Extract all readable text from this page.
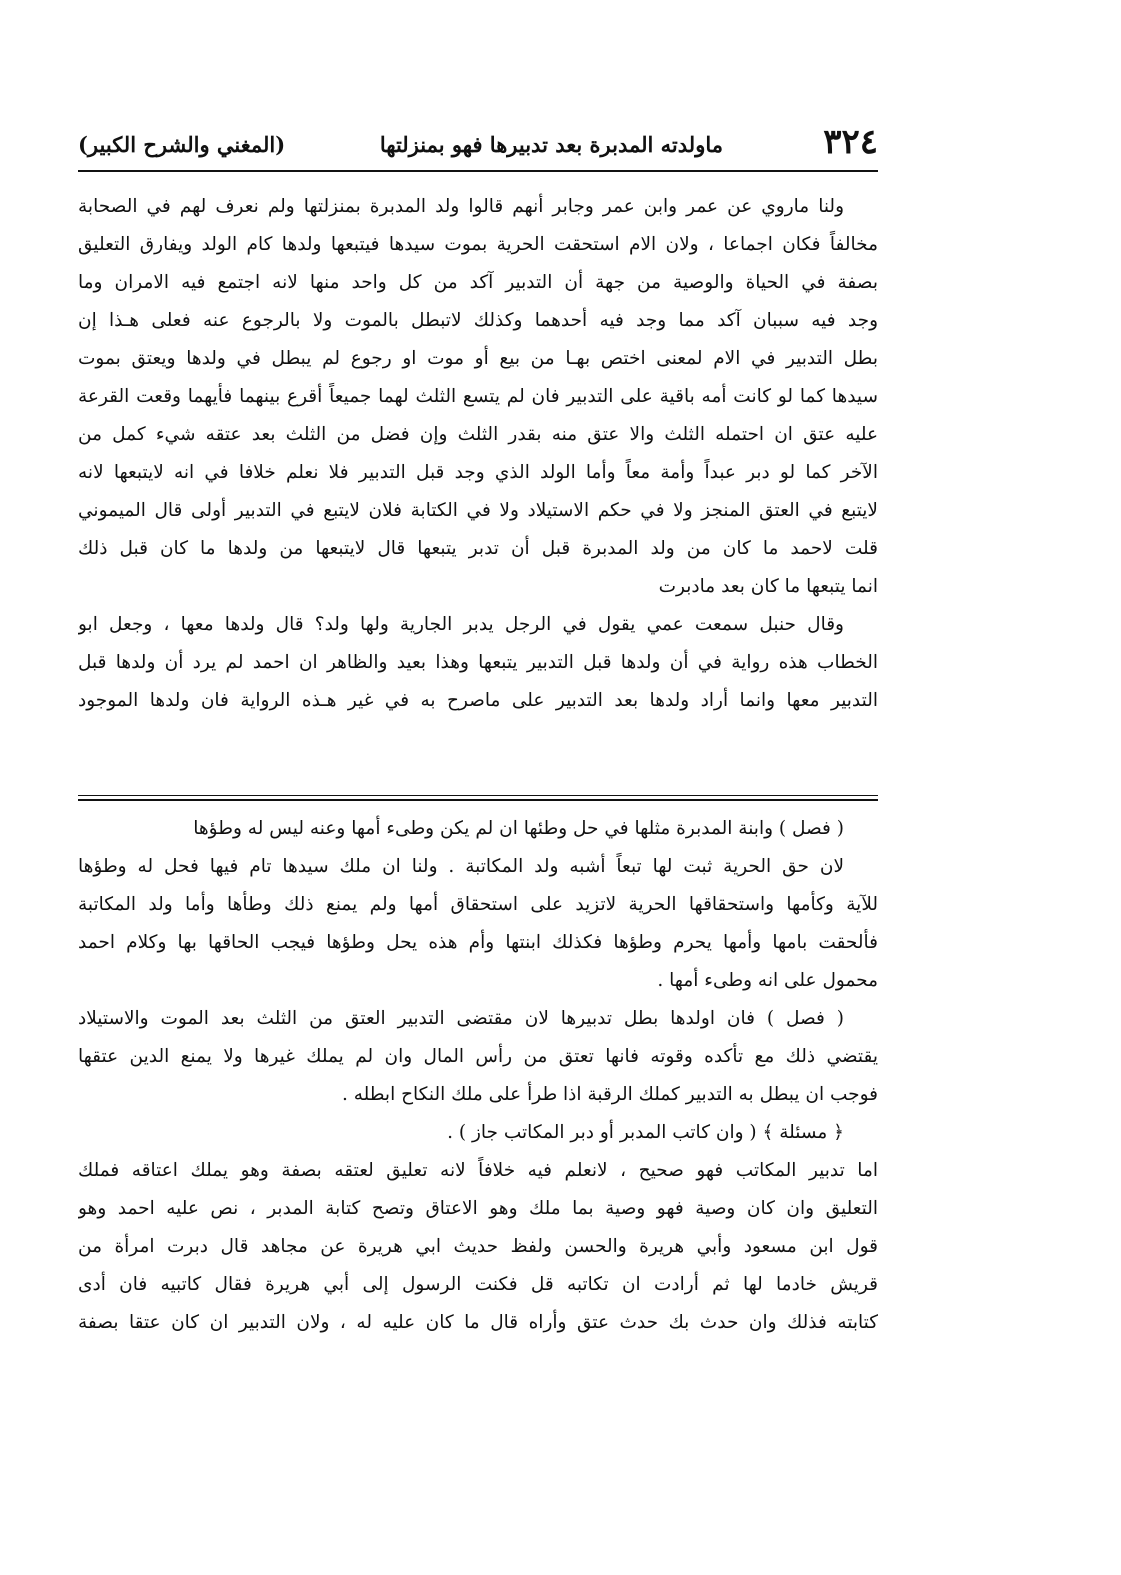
٣٢٤
ماولدته المدبرة بعد تدبيرها فهو بمنزلتها
(المغني والشرح الكبير)

ولنا ماروي عن عمر وابن عمر وجابر أنهم قالوا ولد المدبرة بمنزلتها ولم نعرف لهم في الصحابة

مخالفاً فكان اجماعا ، ولان الام استحقت الحرية بموت سيدها فيتبعها ولدها كام الولد ويفارق التعليق

بصفة في الحياة والوصية من جهة أن التدبير آكد من كل واحد منها لانه اجتمع فيه الامران وما

وجد فيه سببان آكد مما وجد فيه أحدهما وكذلك لاتبطل بالموت ولا بالرجوع عنه فعلى هـذا إن

بطل التدبير في الام لمعنى اختص بهـا من بيع أو موت او رجوع لم يبطل في ولدها ويعتق بموت

سيدها كما لو كانت أمه باقية على التدبير فان لم يتسع الثلث لهما جميعاً أقرع بينهما فأيهما وقعت القرعة

عليه عتق ان احتمله الثلث والا عتق منه بقدر الثلث وإن فضل من الثلث بعد عتقه شيء كمل من

الآخر كما لو دبر عبداً وأمة معاً وأما الولد الذي وجد قبل التدبير فلا نعلم خلافا في انه لايتبعها لانه

لايتبع في العتق المنجز ولا في حكم الاستيلاد ولا في الكتابة فلان لايتبع في التدبير أولى قال الميموني

قلت لاحمد ما كان من ولد المدبرة قبل أن تدبر يتبعها قال لايتبعها من ولدها ما كان قبل ذلك

انما يتبعها ما كان بعد مادبرت

وقال حنبل سمعت عمي يقول في الرجل يدبر الجارية ولها ولد؟ قال ولدها معها ، وجعل ابو

الخطاب هذه رواية في أن ولدها قبل التدبير يتبعها وهذا بعيد والظاهر ان احمد لم يرد أن ولدها قبل

التدبير معها وانما أراد ولدها بعد التدبير على ماصرح به في غير هـذه الرواية فان ولدها الموجود

( فصل ) وابنة المدبرة مثلها في حل وطئها ان لم يكن وطىء أمها وعنه ليس له وطؤها

لان حق الحرية ثبت لها تبعاً أشبه ولد المكاتبة . ولنا ان ملك سيدها تام فيها فحل له وطؤها

للآية وكأمها واستحقاقها الحرية لاتزيد على استحقاق أمها ولم يمنع ذلك وطأها وأما ولد المكاتبة

فألحقت بامها وأمها يحرم وطؤها فكذلك ابنتها وأم هذه يحل وطؤها فيجب الحاقها بها وكلام احمد

محمول على انه وطىء أمها .

( فصل ) فان اولدها بطل تدبيرها لان مقتضى التدبير العتق من الثلث بعد الموت والاستيلاد

يقتضي ذلك مع تأكده وقوته فانها تعتق من رأس المال وان لم يملك غيرها ولا يمنع الدين عتقها

فوجب ان يبطل به التدبير كملك الرقبة اذا طرأ على ملك النكاح ابطله .

﴿ مسئلة ﴾ ( وان كاتب المدبر أو دبر المكاتب جاز ) .

اما تدبير المكاتب فهو صحيح ، لانعلم فيه خلافاً لانه تعليق لعتقه بصفة وهو يملك اعتاقه فملك

التعليق وان كان وصية فهو وصية بما ملك وهو الاعتاق وتصح كتابة المدبر ، نص عليه احمد وهو

قول ابن مسعود وأبي هريرة والحسن ولفظ حديث ابي هريرة عن مجاهد قال دبرت امرأة من

قريش خادما لها ثم أرادت ان تكاتبه قل فكنت الرسول إلى أبي هريرة فقال كاتبيه فان أدى

كتابته فذلك وان حدث بك حدث عتق وأراه قال ما كان عليه له ، ولان التدبير ان كان عتقا بصفة
